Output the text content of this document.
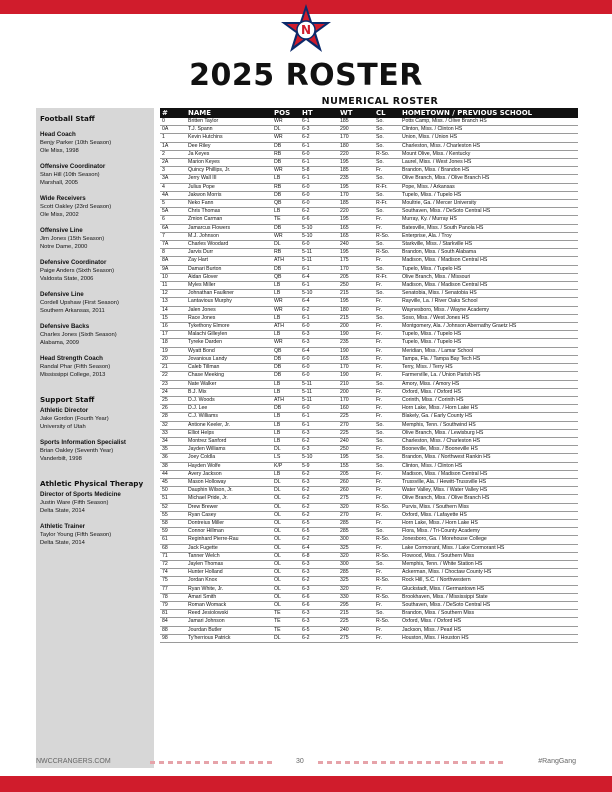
N
2025 ROSTER
NUMERICAL ROSTER
Football Staff
Head Coach
Benjy Parker (10th Season)
Ole Miss, 1998
Offensive Coordinator
Stan Hill (10th Season)
Marshall, 2005
Wide Receivers
Scott Oakley (23rd Season)
Ole Miss, 2002
Offensive Line
Jim Jones (15th Season)
Notre Dame, 2000
Defensive Coordinator
Paige Anders (Sixth Season)
Valdosta State, 2006
Defensive Line
Cordell Upshaw (First Season)
Southern Arkansas, 2011
Defensive Backs
Charles Jones (Sixth Season)
Alabama, 2009
Head Strength Coach
Randal Phar (Fifth Season)
Mississippi College, 2013
Support Staff
Athletic Director
Jake Gordon (Fourth Year)
University of Utah
Sports Information Specialist
Brian Oakley (Seventh Year)
Vanderbilt, 1998
Athletic Physical Therapy
Director of Sports Medicine
Justin Ware (Fifth Season)
Delta State, 2014
Athletic Trainer
Taylor Young (Fifth Season)
Delta State, 2014
#	NAME	POS	HT	WT	CL	HOMETOWN / PREVIOUS SCHOOL
0	Britten Taylor	WR	6-1	185	So.	Potts Camp, Miss. / Olive Branch HS
0A	T.J. Spann	DL	6-3	290	So.	Clinton, Miss. / Clinton HS
1	Kevin Hutchins	WR	6-2	170	So.	Union, Miss. / Union HS
1A	Dee Riley	DB	6-1	180	So.	Charleston, Miss. / Charleston HS
2	Ja Keyes	RB	6-0	220	R-So.	Mount Olive, Miss. / Kentucky
2A	Marion Keyes	DB	6-1	195	So.	Laurel, Miss. / West Jones HS
3	Quincy Phillips, Jr.	WR	5-8	185	Fr.	Brandon, Miss. / Brandon HS
3A	Jerry Wall III	LB	6-1	235	So.	Olive Branch, Miss. / Olive Branch HS
4	Julius Pope	RB	6-0	195	R-Fr.	Pope, Miss. / Arkansas
4A	Jakwon Morris	DB	6-0	170	So.	Tupelo, Miss. / Tupelo HS
5	Neko Fann	QB	6-0	185	R-Fr.	Moultrie, Ga. / Mercer University
5A	Chris Thomas	LB	6-2	220	So.	Southaven, Miss. / DeSoto Central HS
6	Zmion Carman	TE	6-6	195	Fr.	Murray, Ky. / Murray HS
6A	Jamarcus Flowers	DB	5-10	165	Fr.	Batesville, Miss. / South Panola HS
7	M.J. Johnson	WR	5-10	165	R-So.	Enterprise, Ala. / Troy
7A	Charles Woodard	DL	6-0	240	So.	Starkville, Miss. / Starkville HS
8	Jarvis Durr	RB	5-11	195	R-So.	Brandon, Miss. / South Alabama
8A	Zay Hart	ATH	5-11	175	Fr.	Madison, Miss. / Madison Central HS
9A	Damari Burton	DB	6-1	170	So.	Tupelo, Miss. / Tupelo HS
10	Aidan Glover	QB	6-4	205	R-Fr.	Olive Branch, Miss. / Missouri
11	Myles Miller	LB	6-1	250	Fr.	Madison, Miss. / Madison Central HS
12	Johnathan Faulkner	LB	5-10	215	So.	Senatobia, Miss. / Senatobia HS
13	Lantavious Murphy	WR	6-4	195	Fr.	Rayville, La. / River Oaks School
14	Jalen Jones	WR	6-2	180	Fr.	Waynesboro, Miss. / Wayne Academy
15	Race Jones	LB	6-1	215	So.	Soso, Miss. / West Jones HS
16	Tykethony Elmore	ATH	6-0	200	Fr.	Montgomery, Ala. / Johnson Abernathy Graetz HS
17	Malachi Gilleylen	LB	6-3	190	Fr.	Tupelo, Miss. / Tupelo HS
18	Tyreke Darden	WR	6-3	235	Fr.	Tupelo, Miss. / Tupelo HS
19	Wyatt Bond	QB	6-4	190	Fr.	Meridian, Miss. / Lamar School
20	Jovanious Landy	DB	6-0	165	Fr.	Tampa, Fla. / Tampa Bay Tech HS
21	Caleb Tillman	DB	6-0	170	Fr.	Terry, Miss. / Terry HS
22	Chase Meeking	DB	6-0	190	Fr.	Farmerville, La. / Union Parish HS
23	Nate Walker	LB	5-11	210	So.	Amory, Miss. / Amory HS
24	B.J. Mix	LB	5-11	200	Fr.	Oxford, Miss. / Oxford HS
25	D.J. Woods	ATH	5-11	170	Fr.	Corinth, Miss. / Corinth HS
26	D.J. Lee	DB	6-0	160	Fr.	Horn Lake, Miss. / Horn Lake HS
28	C.J. Williams	LB	6-1	225	Fr.	Blakely, Ga. / Early County HS
32	Antione Keeler, Jr.	LB	6-1	270	So.	Memphis, Tenn. / Southwind HS
33	Elliot Helps	LB	6-3	225	So.	Olive Branch, Miss. / Lewisburg HS
34	Montrez Sanford	LB	6-2	240	So.	Charleston, Miss. / Charleston HS
35	Jayden Williams	DL	6-3	250	Fr.	Booneville, Miss. / Booneville HS
36	Joey Coldla	LS	5-10	195	So.	Brandon, Miss. / Northwest Rankin HS
38	Hayden Wolfe	K/P	5-9	155	So.	Clinton, Miss. / Clinton HS
44	Avery Jackson	LB	6-2	205	Fr.	Madison, Miss. / Madison Central HS
45	Mason Holloway	DL	6-3	260	Fr.	Trussville, Ala. / Hewitt-Trussville HS
50	Dauphin Wilson, Jr.	DL	6-2	260	Fr.	Water Valley, Miss. / Water Valley HS
51	Michael Pride, Jr.	OL	6-2	275	Fr.	Olive Branch, Miss. / Olive Branch HS
52	Drew Brewer	OL	6-2	320	R-So.	Purvis, Miss. / Southern Miss
55	Ryan Casey	OL	6-2	270	Fr.	Oxford, Miss. / Lafayette HS
58	Dontreius Miller	OL	6-5	285	Fr.	Horn Lake, Miss. / Horn Lake HS
59	Connor Hillman	OL	6-5	285	So.	Flora, Miss. / Tri-County Academy
61	Reginhard Pierre-Rau	OL	6-2	300	R-So.	Jonesboro, Ga. / Morehouse College
68	Jack Fugette	OL	6-4	325	Fr.	Lake Cormorant, Miss. / Lake Cormorant HS
71	Tanner Welch	OL	6-8	320	R-So.	Flowood, Miss. / Southern Miss
72	Jaylen Thomas	OL	6-3	300	So.	Memphis, Tenn. / White Station HS
74	Hunter Holland	OL	6-3	285	Fr.	Ackerman, Miss. / Choctaw County HS
75	Jordan Knox	OL	6-2	325	R-So.	Rock Hill, S.C. / Northwestern
77	Ryan White, Jr.	OL	6-3	320	Fr.	Gluckstadt, Miss. / Germantown HS
78	Amari Smith	OL	6-6	330	R-So.	Brookhaven, Miss. / Mississippi State
79	Roman Womack	OL	6-6	295	Fr.	Southaven, Miss. / DeSoto Central HS
81	Reed Jesiolowski	TE	6-3	215	So.	Brandon, Miss. / Southern Miss
84	Jamari Johnson	TE	6-3	225	R-So.	Oxford, Miss. / Oxford HS
88	Jourdan Butler	TE	6-5	240	Fr.	Jackson, Miss. / Pearl HS
98	Ty'herrious Patrick	DL	6-2	275	Fr.	Houston, Miss. / Houston HS
NWCCRANGERS.COM	30	#RangGang
